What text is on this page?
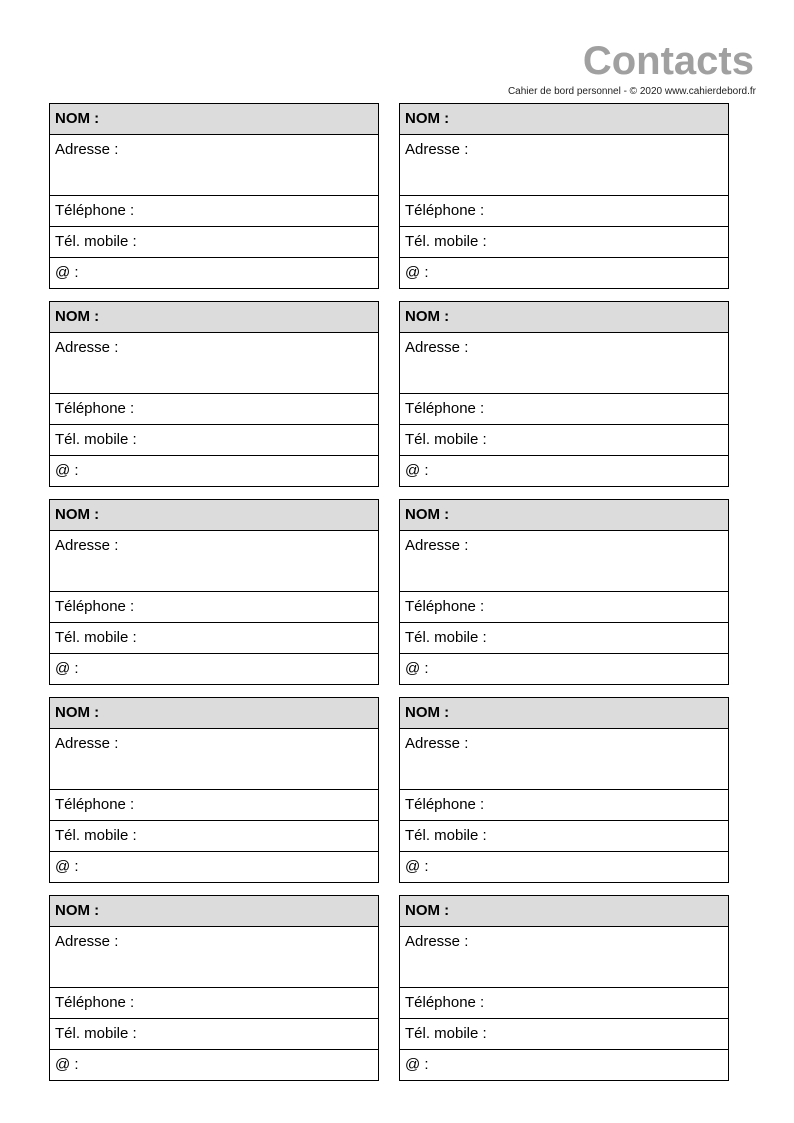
Contacts
Cahier de bord personnel - © 2020 www.cahierdebord.fr
NOM :
Adresse :
Téléphone :
Tél. mobile :
@ :
NOM :
Adresse :
Téléphone :
Tél. mobile :
@ :
NOM :
Adresse :
Téléphone :
Tél. mobile :
@ :
NOM :
Adresse :
Téléphone :
Tél. mobile :
@ :
NOM :
Adresse :
Téléphone :
Tél. mobile :
@ :
NOM :
Adresse :
Téléphone :
Tél. mobile :
@ :
NOM :
Adresse :
Téléphone :
Tél. mobile :
@ :
NOM :
Adresse :
Téléphone :
Tél. mobile :
@ :
NOM :
Adresse :
Téléphone :
Tél. mobile :
@ :
NOM :
Adresse :
Téléphone :
Tél. mobile :
@ :
